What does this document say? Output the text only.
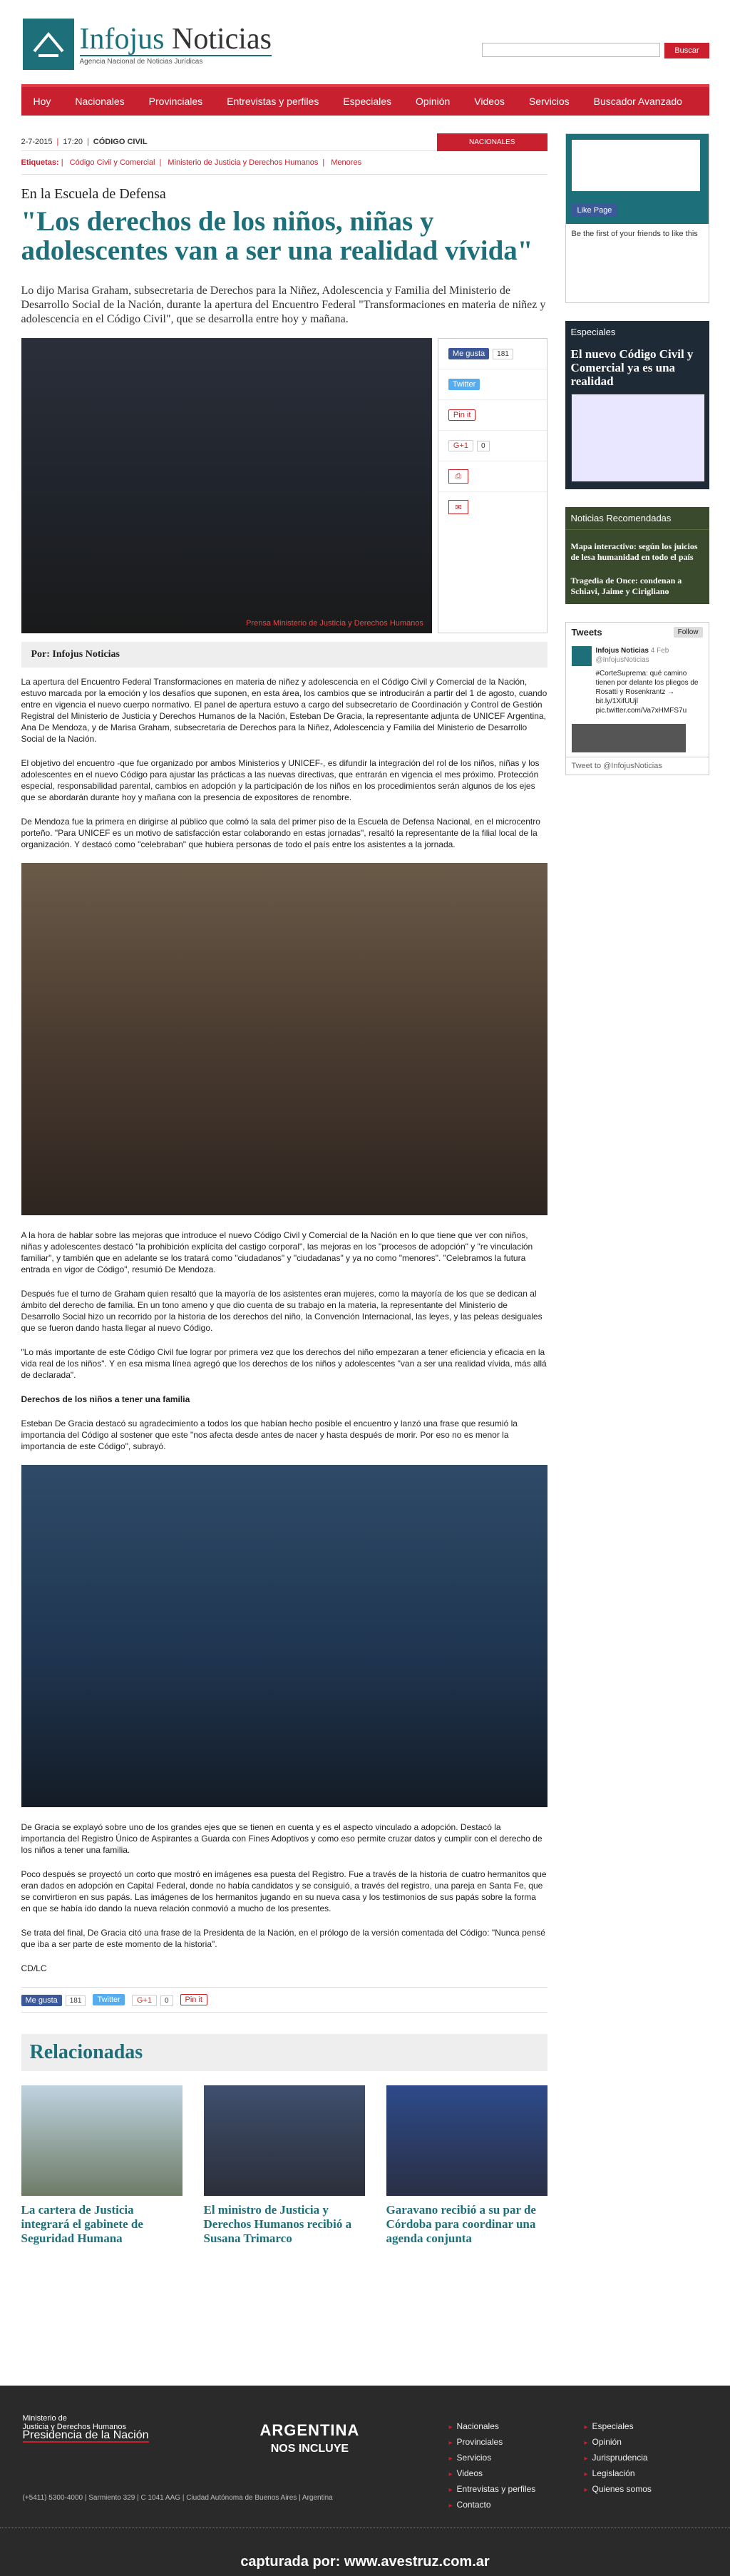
Infojus Noticias
Agencia Nacional de Noticias Jurídicas
Buscar
Hoy	Nacionales	Provinciales	Entrevistas y perfiles	Especiales	Opinión	Videos	Servicios	Buscador Avanzado
2-7-2015 | 17:20 | CÓDIGO CIVIL	NACIONALES
Etiquetas: | Código Civil y Comercial | Ministerio de Justicia y Derechos Humanos | Menores
En la Escuela de Defensa
"Los derechos de los niños, niñas y adolescentes van a ser una realidad vívida"

Lo dijo Marisa Graham, subsecretaria de Derechos para la Niñez, Adolescencia y Familia del Ministerio de Desarrollo Social de la Nación, durante la apertura del Encuentro Federal "Transformaciones en materia de niñez y adolescencia en el Código Civil", que se desarrolla entre hoy y mañana.

Prensa Ministerio de Justicia y Derechos Humanos
Me gusta	181
Twitter
Pin it
G+1	0
⎙
✉
Por: Infojus Noticias

La apertura del Encuentro Federal Transformaciones en materia de niñez y adolescencia en el Código Civil y Comercial de la Nación, estuvo marcada por la emoción y los desafíos que suponen, en esta área, los cambios que se introducirán a partir del 1 de agosto, cuando entre en vigencia el nuevo cuerpo normativo. El panel de apertura estuvo a cargo del subsecretario de Coordinación y Control de Gestión Registral del Ministerio de Justicia y Derechos Humanos de la Nación, Esteban De Gracia, la representante adjunta de UNICEF Argentina, Ana De Mendoza, y de Marisa Graham, subsecretaria de Derechos para la Niñez, Adolescencia y Familia del Ministerio de Desarrollo Social de la Nación.

El objetivo del encuentro -que fue organizado por ambos Ministerios y UNICEF-, es difundir la integración del rol de los niños, niñas y los adolescentes en el nuevo Código para ajustar las prácticas a las nuevas directivas, que entrarán en vigencia el mes próximo. Protección especial, responsabilidad parental, cambios en adopción y la participación de los niños en los procedimientos serán algunos de los ejes que se abordarán durante hoy y mañana con la presencia de expositores de renombre.

De Mendoza fue la primera en dirigirse al público que colmó la sala del primer piso de la Escuela de Defensa Nacional, en el microcentro porteño. "Para UNICEF es un motivo de satisfacción estar colaborando en estas jornadas", resaltó la representante de la filial local de la organización. Y destacó como "celebraban" que hubiera personas de todo el país entre los asistentes a la jornada.

A la hora de hablar sobre las mejoras que introduce el nuevo Código Civil y Comercial de la Nación en lo que tiene que ver con niños, niñas y adolescentes destacó "la prohibición explícita del castigo corporal", las mejoras en los "procesos de adopción" y "re vinculación familiar", y también que en adelante se los tratará como "ciudadanos" y "ciudadanas" y ya no como "menores". "Celebramos la futura entrada en vigor de Código", resumió De Mendoza.

Después fue el turno de Graham quien resaltó que la mayoría de los asistentes eran mujeres, como la mayoría de los que se dedican al ámbito del derecho de familia. En un tono ameno y que dio cuenta de su trabajo en la materia, la representante del Ministerio de Desarrollo Social hizo un recorrido por la historia de los derechos del niño, la Convención Internacional, las leyes, y las peleas desiguales que se fueron dando hasta llegar al nuevo Código.

"Lo más importante de este Código Civil fue lograr por primera vez que los derechos del niño empezaran a tener eficiencia y eficacia en la vida real de los niños". Y en esa misma línea agregó que los derechos de los niños y adolescentes "van a ser una realidad vívida, más allá de declarada".

Derechos de los niños a tener una familia

Esteban De Gracia destacó su agradecimiento a todos los que habían hecho posible el encuentro y lanzó una frase que resumió la importancia del Código al sostener que este "nos afecta desde antes de nacer y hasta después de morir. Por eso no es menor la importancia de este Código", subrayó.

De Gracia se explayó sobre uno de los grandes ejes que se tienen en cuenta y es el aspecto vinculado a adopción. Destacó la importancia del Registro Único de Aspirantes a Guarda con Fines Adoptivos y como eso permite cruzar datos y cumplir con el derecho de los niños a tener una familia.

Poco después se proyectó un corto que mostró en imágenes esa puesta del Registro. Fue a través de la historia de cuatro hermanitos que eran dados en adopción en Capital Federal, donde no había candidatos y se consiguió, a través del registro, una pareja en Santa Fe, que se convirtieron en sus papás. Las imágenes de los hermanitos jugando en su nueva casa y los testimonios de sus papás sobre la forma en que se había ido dando la nueva relación conmovió a mucho de los presentes.

Se trata del final, De Gracia citó una frase de la Presidenta de la Nación, en el prólogo de la versión comentada del Código: "Nunca pensé que iba a ser parte de este momento de la historia".

CD/LC

Me gusta 181	Twitter	G+1 0	Pin it
Relacionadas
La cartera de Justicia integrará el gabinete de Seguridad Humana
El ministro de Justicia y Derechos Humanos recibió a Susana Trimarco
Garavano recibió a su par de Córdoba para coordinar una agenda conjunta
Like Page
Be the first of your friends to like this
Especiales
El nuevo Código Civil y Comercial ya es una realidad
Noticias Recomendadas
Mapa interactivo: según los juicios de lesa humanidad en todo el país
Tragedia de Once: condenan a Schiavi, Jaime y Cirigliano
Tweets	Follow
Infojus Noticias 4 Feb
@InfojusNoticias
#CorteSuprema: qué camino tienen por delante los pliegos de Rosatti y Rosenkrantz → bit.ly/1XifUUjl pic.twitter.com/Va7xHMFS7u
Tweet to @InfojusNoticias
Ministerio de
Justicia y Derechos Humanos
Presidencia de la Nación
(+5411) 5300-4000 | Sarmiento 329 | C 1041 AAG | Ciudad Autónoma de Buenos Aires | Argentina
ARGENTINA
NOS INCLUYE
▸ Nacionales
▸ Provinciales
▸ Servicios
▸ Videos
▸ Entrevistas y perfiles
▸ Contacto
▸ Especiales
▸ Opinión
▸ Jurisprudencia
▸ Legislación
▸ Quienes somos
capturada por: www.avestruz.com.ar
